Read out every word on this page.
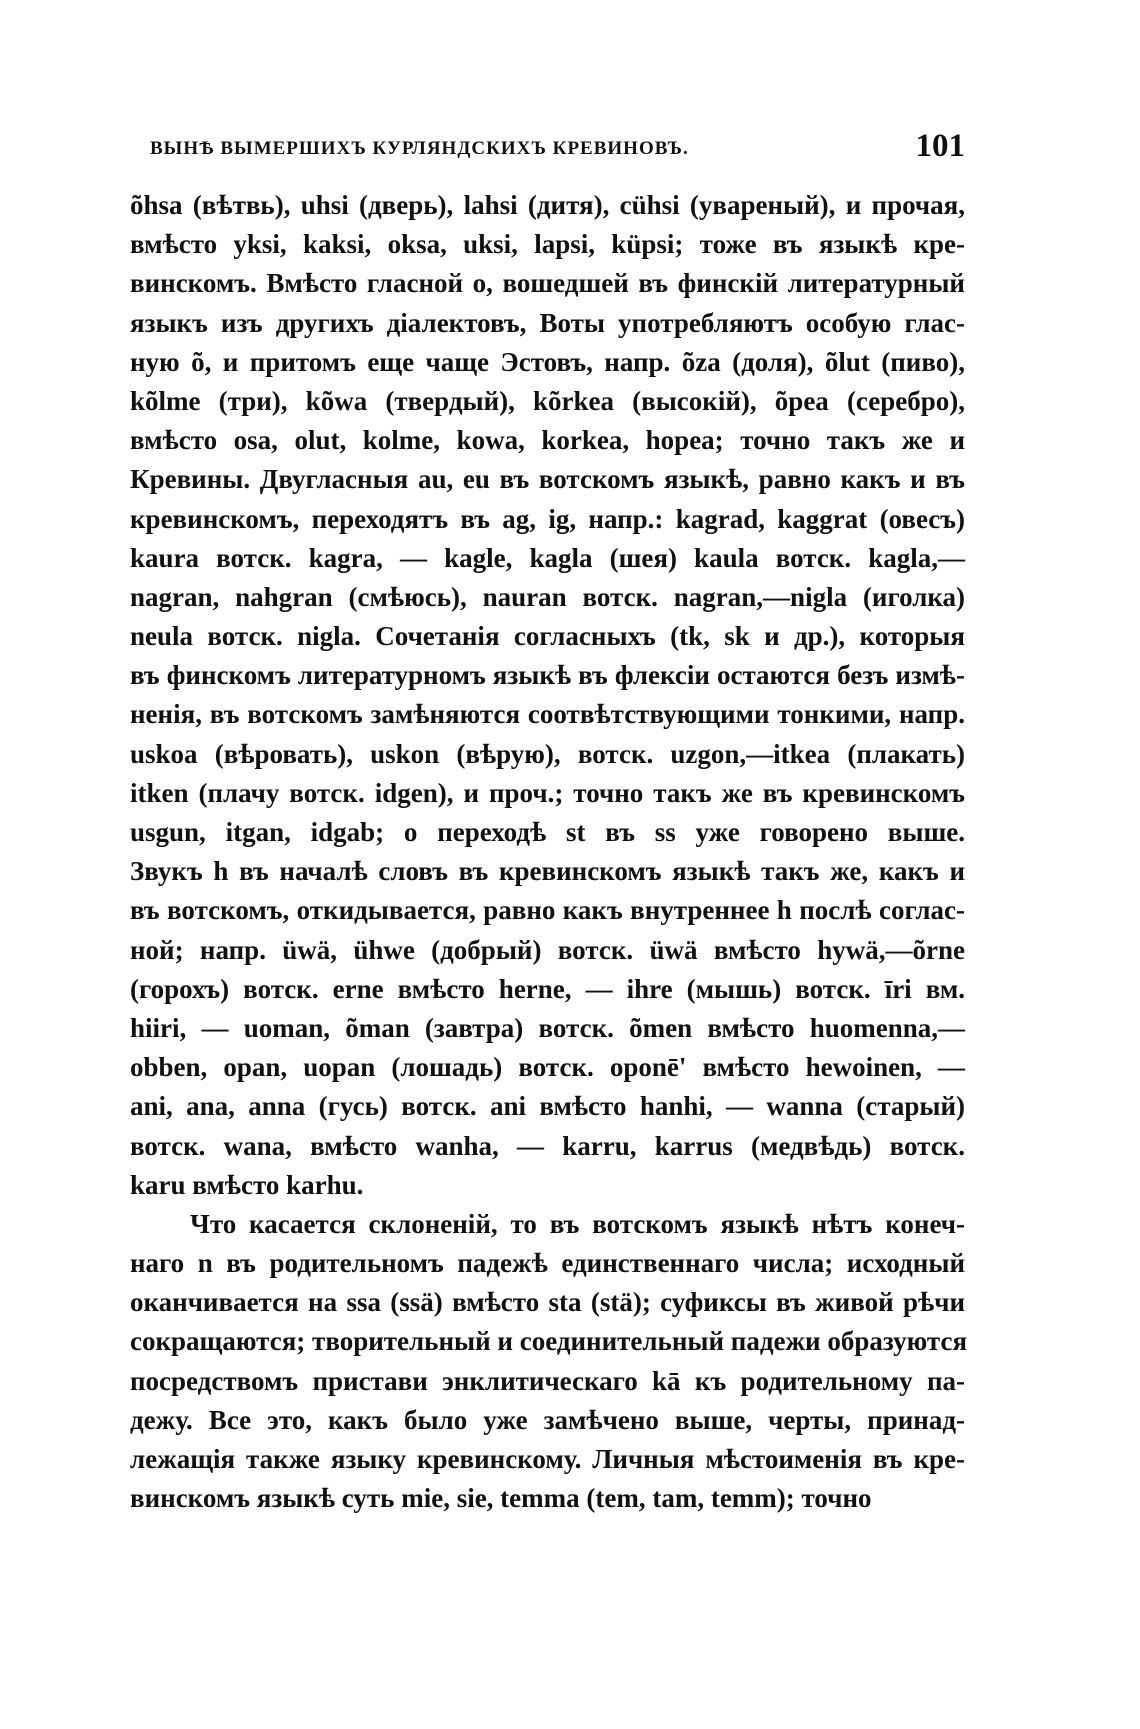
ВЫНѢ ВЫМЕРШИХЪ КУРЛЯНДСКИХЪ КРЕВИНОВЪ.	101
õhsa (вѣтвь), uhsi (дверь), lahsi (дитя), cühsi (увареный), и прочая,
вмѣсто yksi, kaksi, oksa, uksi, lapsi, küpsi; тоже въ языкѣ кре-
винскомъ. Вмѣсто гласной о, вошедшей въ финскій литературный
языкъ изъ другихъ діалектовъ, Воты употребляютъ особую глас-
ную õ, и притомъ еще чаще Эстовъ, напр. õza (доля), õlut (пиво),
kõlme (три), kõwa (твердый), kõrkea (высокій), õpea (серебро),
вмѣсто osa, olut, kolme, kowa, korkea, hopea; точно такъ же и
Кревины. Двугласныя au, eu въ вотскомъ языкѣ, равно какъ и въ
кревинскомъ, переходятъ въ ag, ig, напр.: kagrad, kaggrat (овесъ)
kaura вотск. kagra, — kagle, kagla (шея) kaula вотск. kagla,—
nagran, nahgran (смѣюсь), nauran вотск. nagran,—nigla (иголка)
neula вотск. nigla. Сочетанія согласныхъ (tk, sk и др.), которыя
въ финскомъ литературномъ языкѣ въ флексіи остаются безъ измѣ-
ненія, въ вотскомъ замѣняются соотвѣтствующими тонкими, напр.
uskoa (вѣровать), uskon (вѣрую), вотск. uzgon,—itkea (плакать)
itken (плачу вотск. idgen), и проч.; точно такъ же въ кревинскомъ
usgun, itgan, idgab; о переходѣ st въ ss уже говорено выше.
Звукъ h въ началѣ словъ въ кревинскомъ языкѣ такъ же, какъ и
въ вотскомъ, откидывается, равно какъ внутреннее h послѣ соглас-
ной; напр. üwä, ühwe (добрый) вотск. üwä вмѣсто hywä,—õrne
(горохъ) вотск. erne вмѣсто herne, — ihre (мышь) вотск. īri вм.
hiiri, — uoman, õman (завтра) вотск. õmen вмѣсто huomenna,—
obben, opan, uopan (лошадь) вотск. oponē' вмѣсто hewoinen, —
ani, ana, anna (гусь) вотск. ani вмѣсто hanhi, — wanna (старый)
вотск. wana, вмѣсто wanha, — karru, karrus (медвѣдь) вотск.
karu вмѣсто karhu.
Что касается склоненій, то въ вотскомъ языкѣ нѣтъ конеч-
наго n въ родительномъ падежѣ единственнаго числа; исходный
оканчивается на ssa (ssä) вмѣсто sta (stä); суфиксы въ живой рѣчи
сокращаются; творительный и соединительный падежи образуются
посредствомъ пристави энклитическаго kā къ родительному па-
дежу. Все это, какъ было уже замѣчено выше, черты, принад-
лежащія также языку кревинскому. Личныя мѣстоименія въ кре-
винскомъ языкѣ суть mie, sie, temma (tem, tam, temm); точно
